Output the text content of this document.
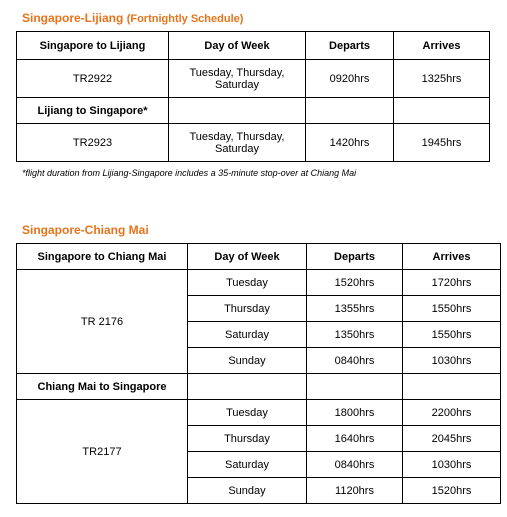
Singapore-Lijiang (Fortnightly Schedule)
Singapore to Lijiang	Day of Week	Departs	Arrives
TR2922	Tuesday, Thursday, Saturday	0920hrs	1325hrs
Lijiang to Singapore*			
TR2923	Tuesday, Thursday, Saturday	1420hrs	1945hrs
*flight duration from Lijiang-Singapore includes a 35-minute stop-over at Chiang Mai
Singapore-Chiang Mai
Singapore to Chiang Mai	Day of Week	Departs	Arrives
TR 2176	Tuesday	1520hrs	1720hrs
	Thursday	1355hrs	1550hrs
	Saturday	1350hrs	1550hrs
	Sunday	0840hrs	1030hrs
Chiang Mai to Singapore			
TR2177	Tuesday	1800hrs	2200hrs
	Thursday	1640hrs	2045hrs
	Saturday	0840hrs	1030hrs
	Sunday	1120hrs	1520hrs
